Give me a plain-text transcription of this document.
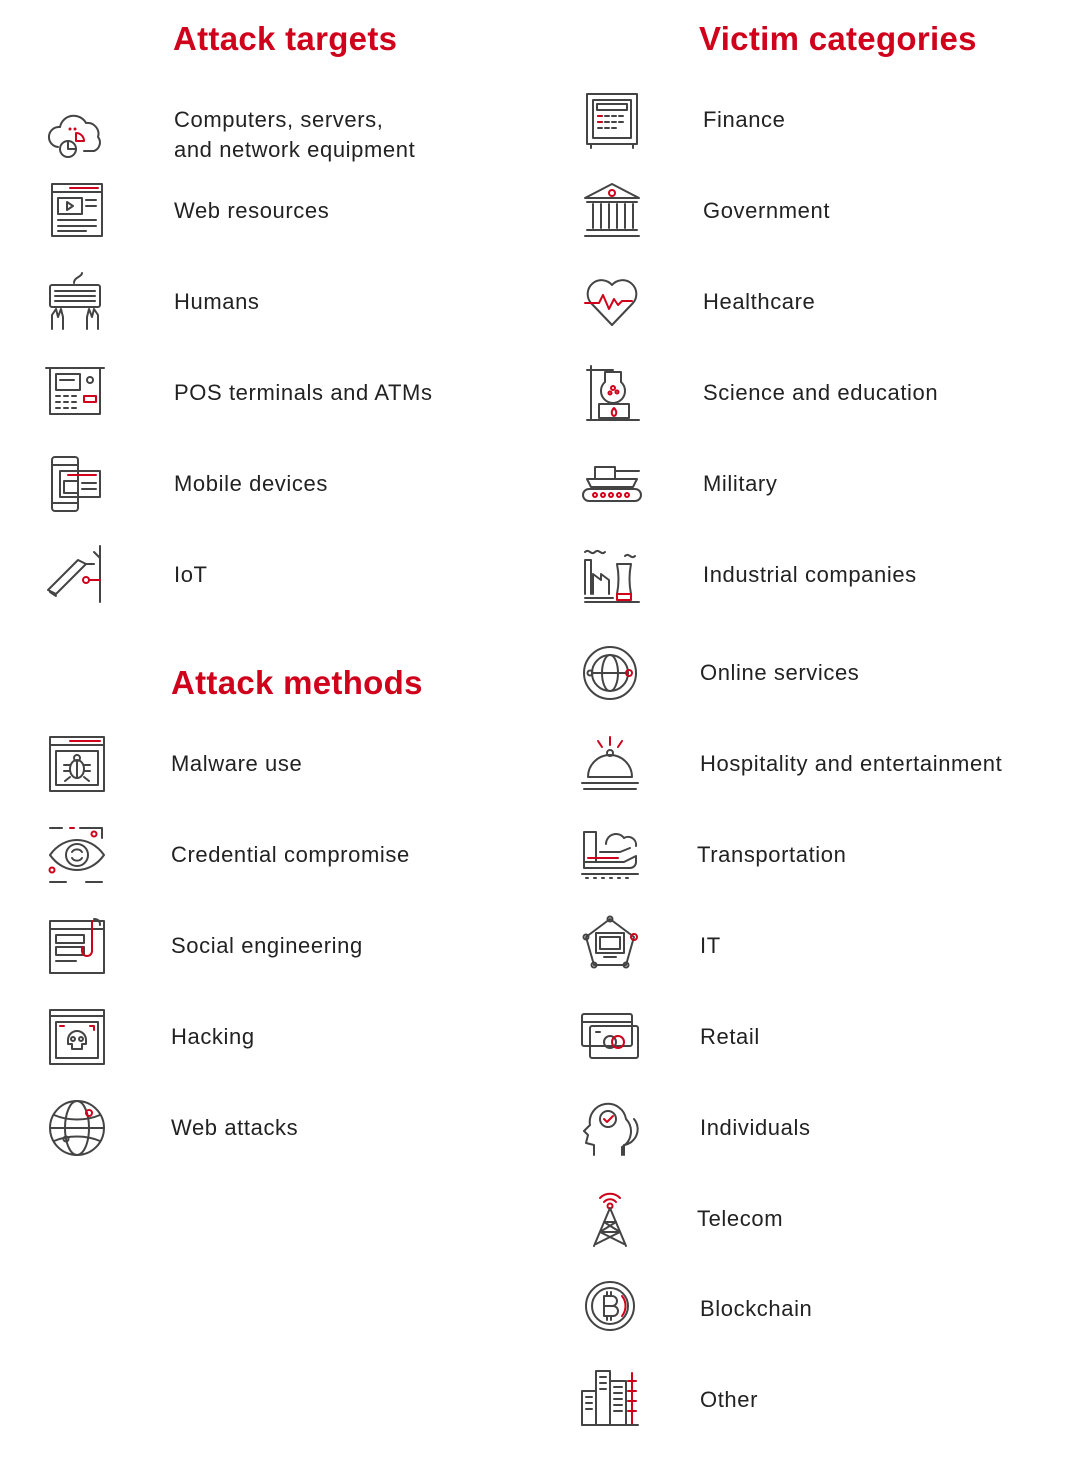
Attack targets	Victim categories
Attack methods
Computers, servers,
and network equipment
Web resources
Humans
POS terminals and ATMs
Mobile devices
IoT
Malware use
Credential compromise
Social engineering
Hacking
Web attacks
Finance
Government
Healthcare
Science and education
Military
Industrial companies
Online services
Hospitality and entertainment
Transportation
IT
Retail
Individuals
Telecom
Blockchain
Other
